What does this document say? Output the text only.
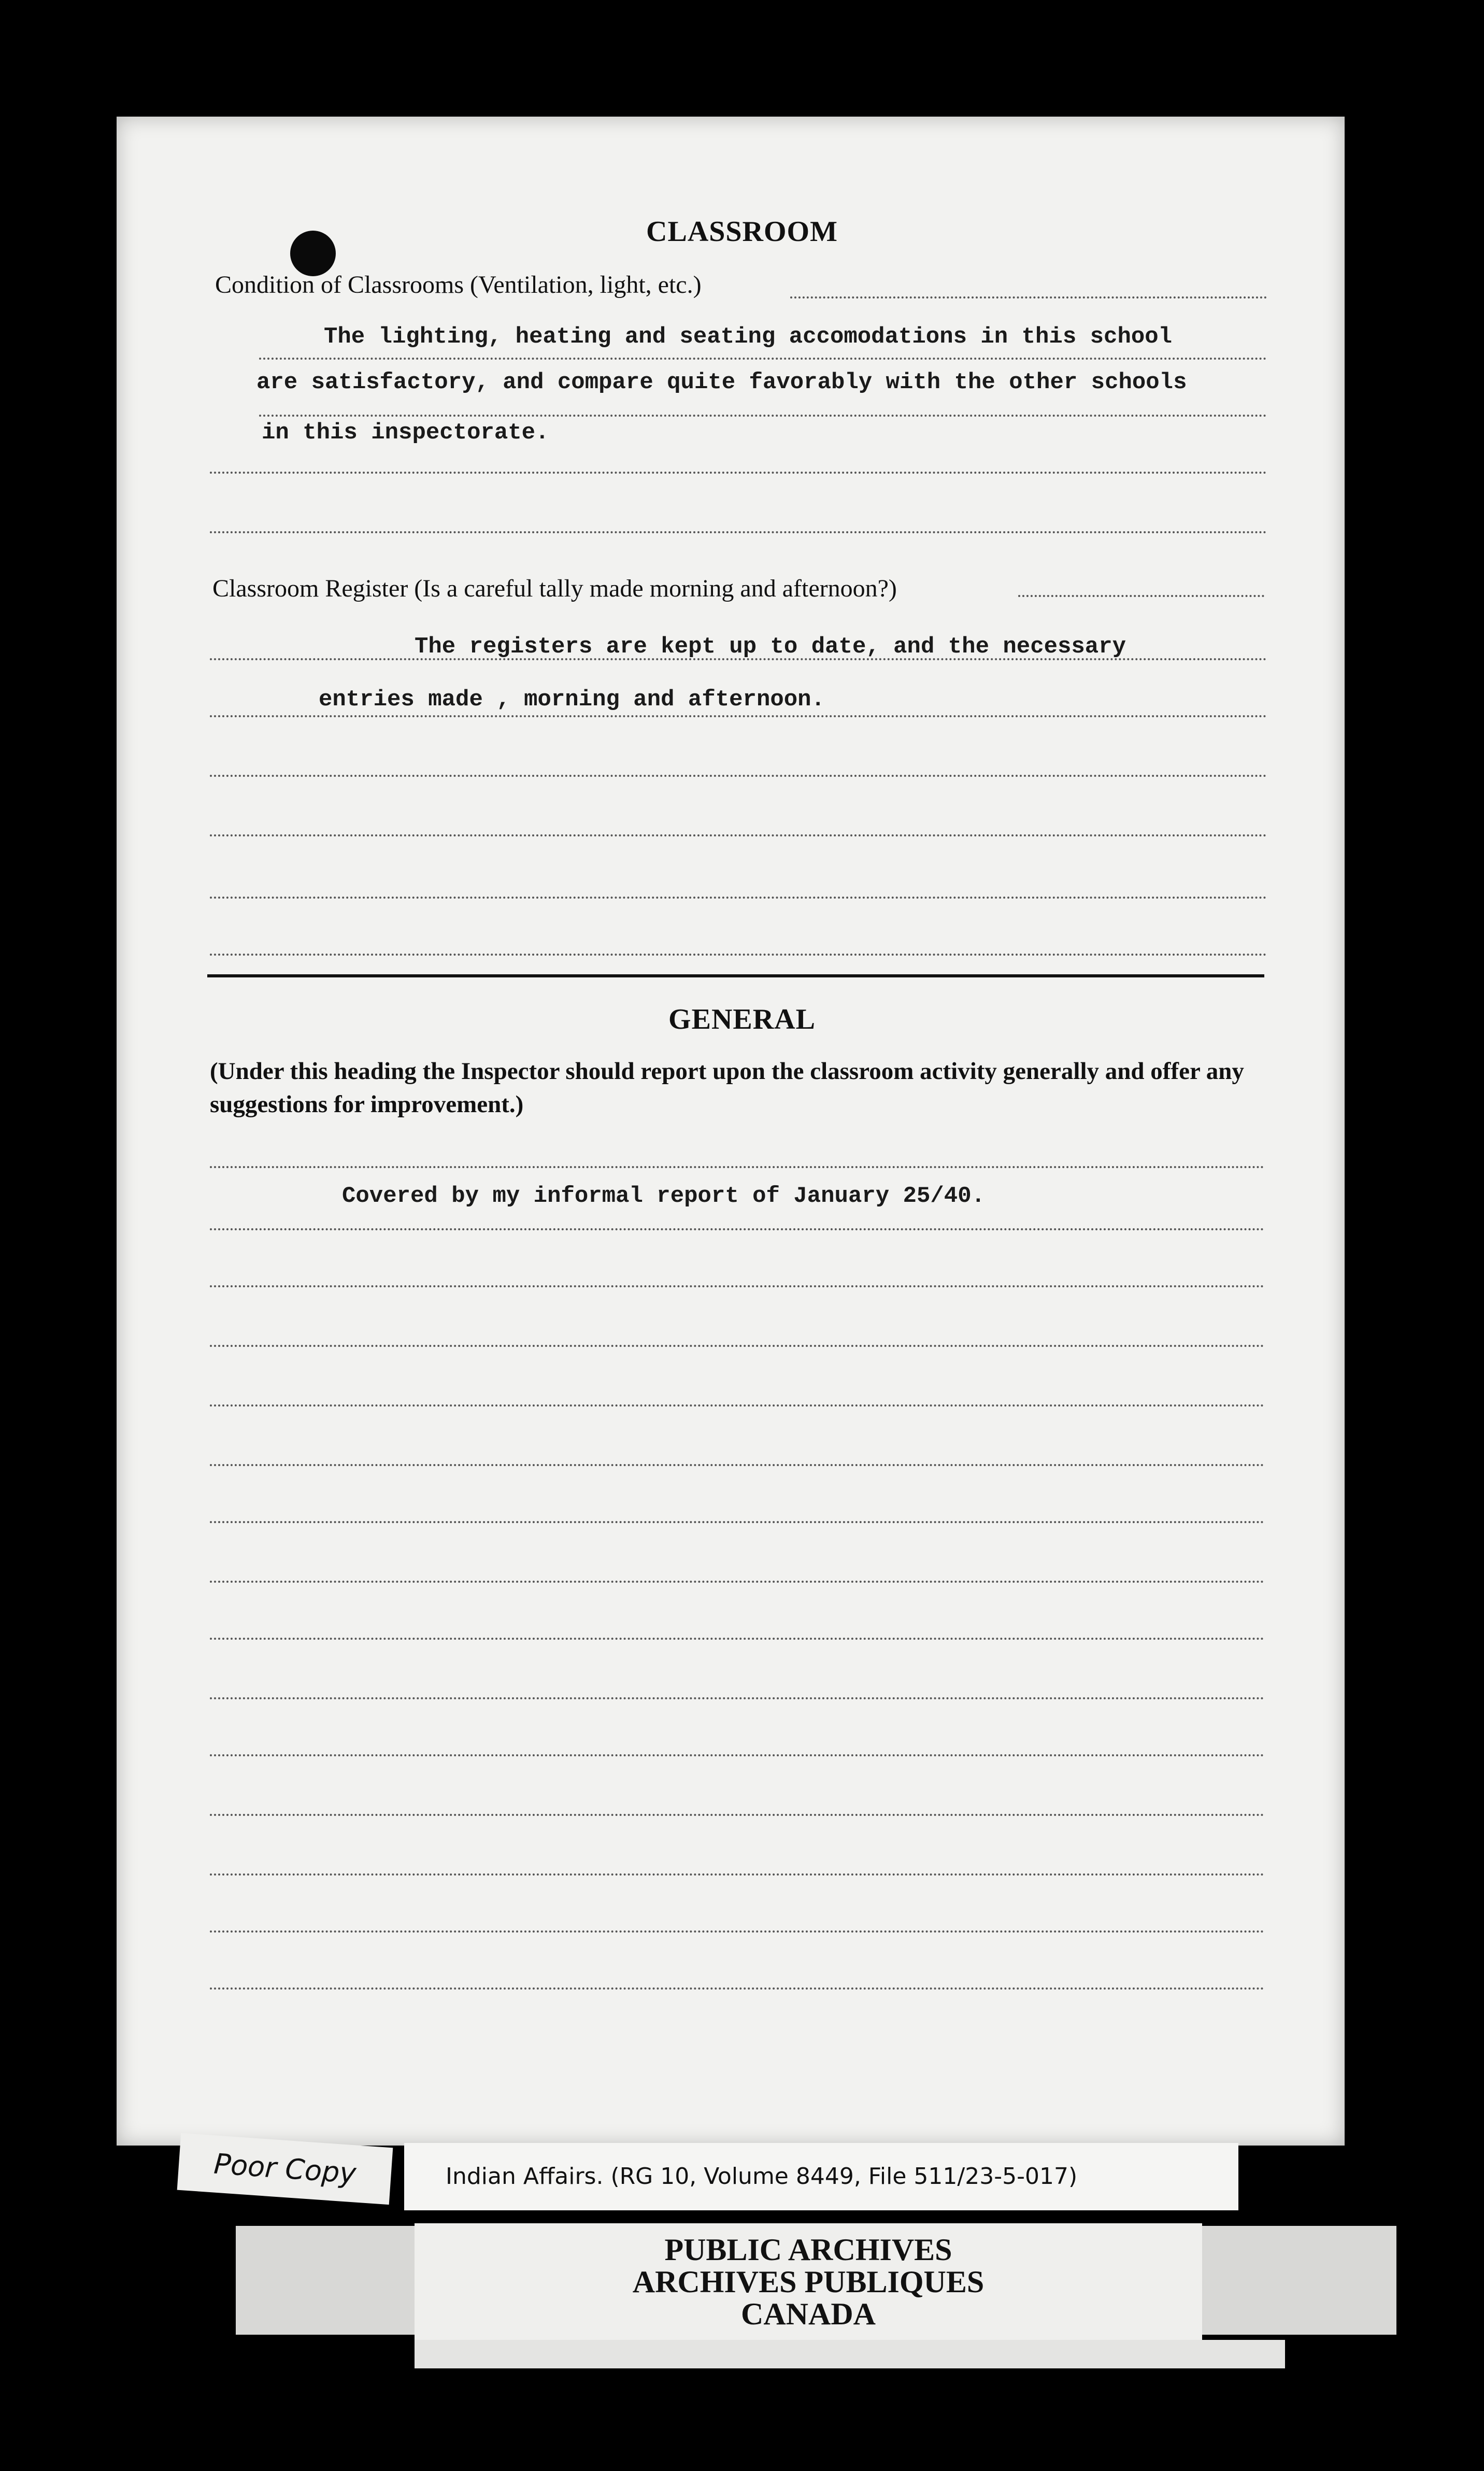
CLASSROOM
Condition of Classrooms (Ventilation, light, etc.)
The lighting, heating and seating accomodations in this school
are satisfactory, and compare quite favorably with the other schools
in this inspectorate.
Classroom Register (Is a careful tally made morning and afternoon?)
The registers are kept up to date, and the necessary
entries made , morning and afternoon.
GENERAL
(Under this heading the Inspector should report upon the classroom activity generally and offer any suggestions for improvement.)
Covered by my informal report of January 25/40.
Poor Copy	Indian Affairs. (RG 10, Volume 8449, File 511/23-5-017)
PUBLIC ARCHIVES
ARCHIVES PUBLIQUES
CANADA
